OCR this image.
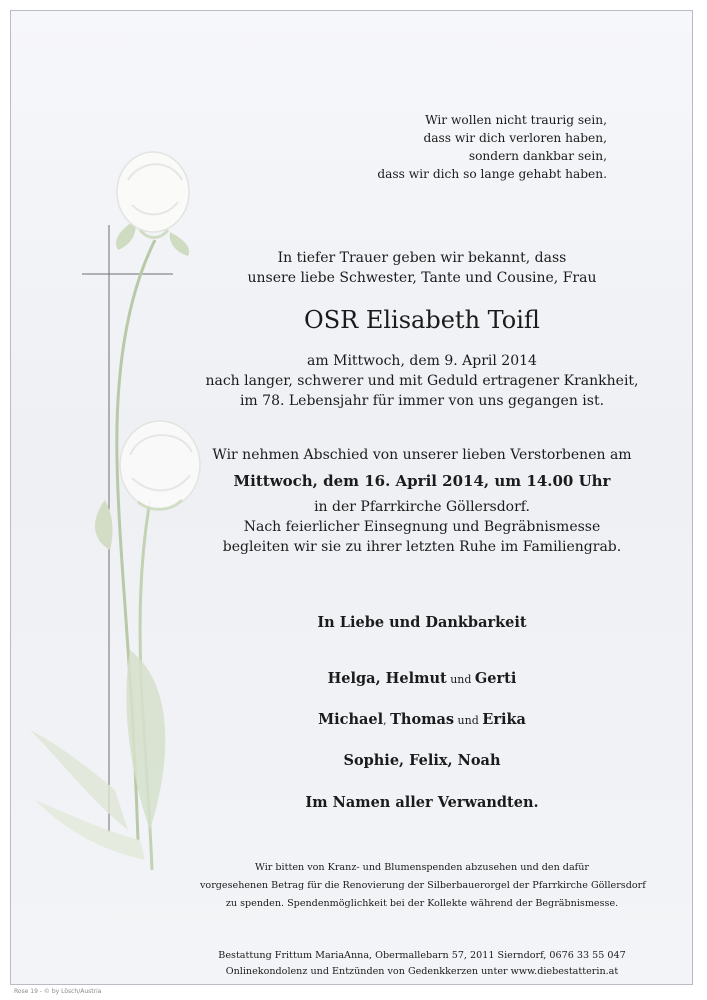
Wir wollen nicht traurig sein,
dass wir dich verloren haben,
sondern dankbar sein,
dass wir dich so lange gehabt haben.
In tiefer Trauer geben wir bekannt, dass
unsere liebe Schwester, Tante und Cousine, Frau
OSR Elisabeth Toifl
am Mittwoch, dem 9. April 2014
nach langer, schwerer und mit Geduld ertragener Krankheit,
im 78. Lebensjahr für immer von uns gegangen ist.
Wir nehmen Abschied von unserer lieben Verstorbenen am
Mittwoch, dem 16. April 2014, um 14.00 Uhr
in der Pfarrkirche Göllersdorf.
Nach feierlicher Einsegnung und Begräbnismesse
begleiten wir sie zu ihrer letzten Ruhe im Familiengrab.
In Liebe und Dankbarkeit
Helga, Helmut und Gerti
Michael, Thomas und Erika
Sophie, Felix, Noah
Im Namen aller Verwandten.
Wir bitten von Kranz- und Blumenspenden abzusehen und den dafür
vorgesehenen Betrag für die Renovierung der Silberbauerorgel der Pfarrkirche Göllersdorf
zu spenden. Spendenmöglichkeit bei der Kollekte während der Begräbnismesse.
Bestattung Frittum MariaAnna, Obermallebarn 57, 2011 Sierndorf, 0676 33 55 047
Onlinekondolenz und Entzünden von Gedenkkerzen unter www.diebestatterin.at
Rose 19 - © by Lösch/Austria
